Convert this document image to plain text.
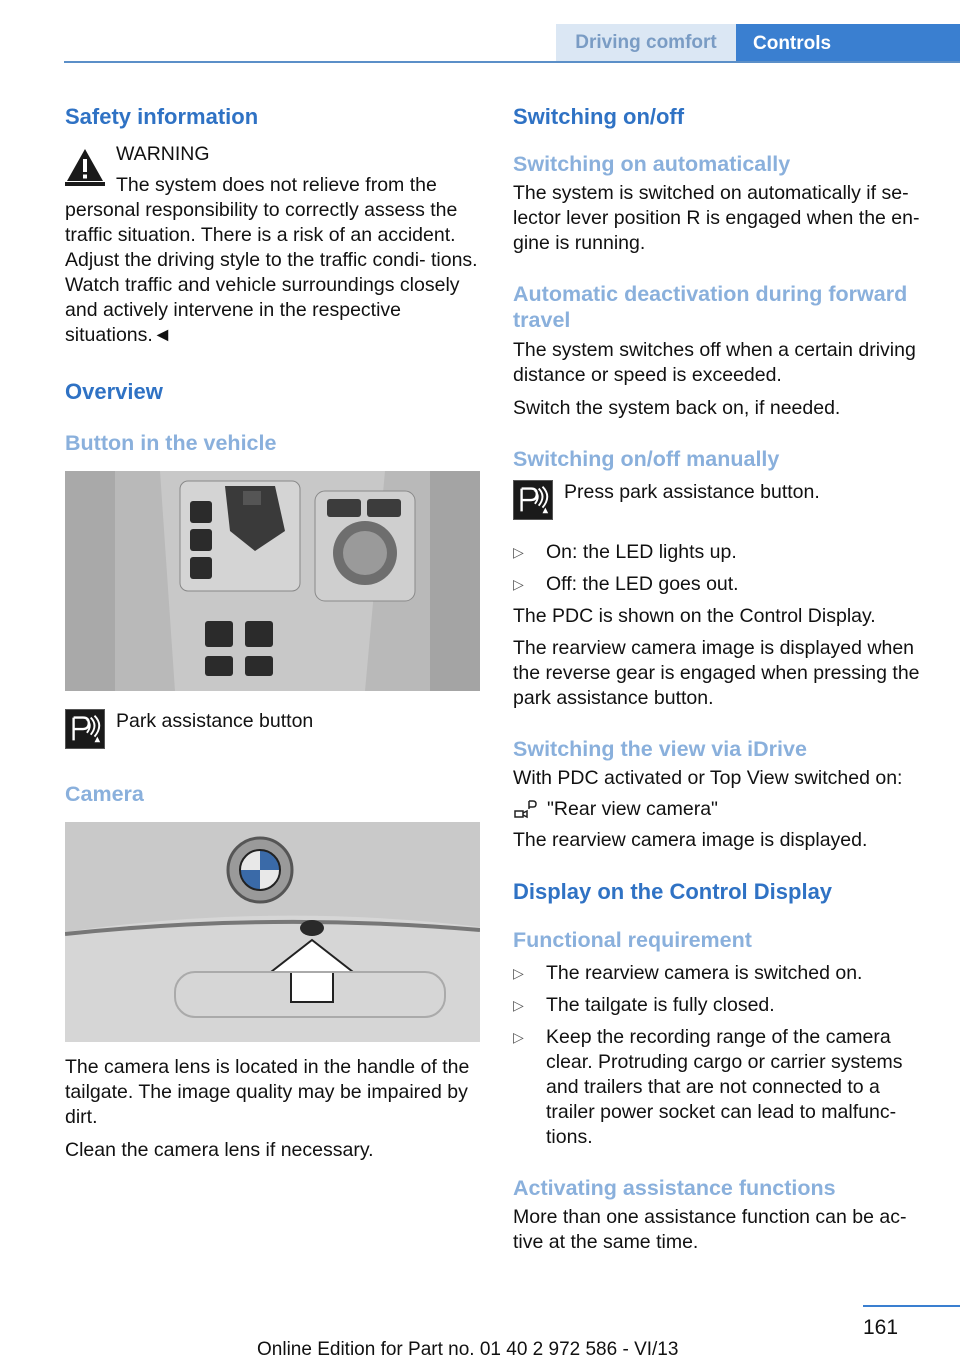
Driving comfort	Controls
Safety information
WARNING
The system does not relieve from the personal responsibility to correctly assess the traffic situation. There is a risk of an accident. Adjust the driving style to the traffic condi- tions. Watch traffic and vehicle surroundings closely and actively intervene in the respective situations.◄
Overview
Button in the vehicle
Park assistance button
Camera
The camera lens is located in the handle of the tailgate. The image quality may be impaired by dirt.
Clean the camera lens if necessary.
Switching on/off
Switching on automatically
The system is switched on automatically if se- lector lever position R is engaged when the en- gine is running.
Automatic deactivation during forward travel
The system switches off when a certain driving distance or speed is exceeded.
Switch the system back on, if needed.
Switching on/off manually
Press park assistance button.
▷ On: the LED lights up.
▷ Off: the LED goes out.
The PDC is shown on the Control Display.
The rearview camera image is displayed when the reverse gear is engaged when pressing the park assistance button.
Switching the view via iDrive
With PDC activated or Top View switched on:
"Rear view camera"
The rearview camera image is displayed.
Display on the Control Display
Functional requirement
▷ The rearview camera is switched on.
▷ The tailgate is fully closed.
▷ Keep the recording range of the camera clear. Protruding cargo or carrier systems and trailers that are not connected to a trailer power socket can lead to malfunc- tions.
Activating assistance functions
More than one assistance function can be ac- tive at the same time.
161
Online Edition for Part no. 01 40 2 972 586 - VI/13
